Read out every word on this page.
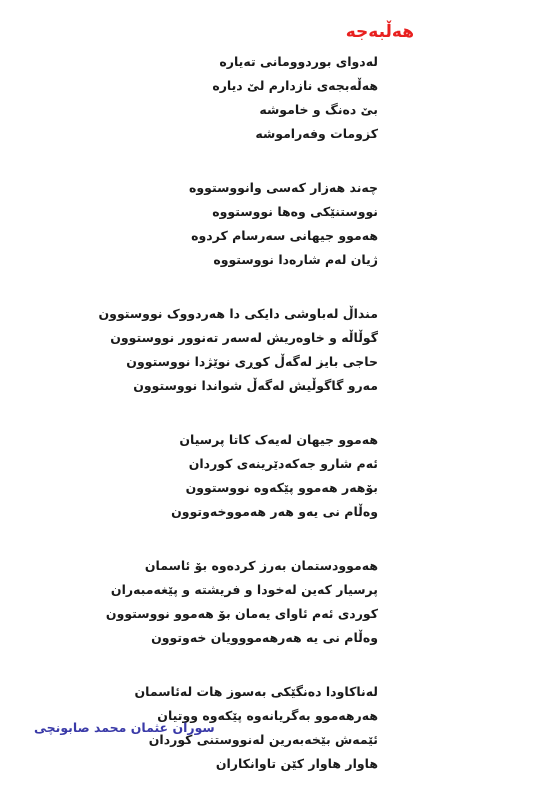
هەڵبەجە
لەدوای بوردوومانی تەیارە
هەڵەبجەی نازدارم لێ دیارە
بێ دەنگ و خاموشە
کزومات وفەراموشە
چەند هەزار کەسی وانووستووە
نووستنێکی وەها نووستووە
هەموو جیهانی سەرسام کردوە
ژیان لەم شارەدا نووستووە
منداڵ لەباوشی دایکی دا هەردووک نووستوون
گوڵاڵە و خاوەریش لەسەر تەنوور نووستوون
حاجی بایز لەگەڵ کوڕی نوێژدا نووستوون
مەرو گاگوڵیش لەگەڵ شواندا نووستوون
هەموو جیهان لەیەک کاتا پرسیان
ئەم شارو جەکەدێرینەی کوردان
بۆهەر هەموو پێکەوە نووستوون
وەڵام نی یەو هەر هەمووخەوتوون
هەموودستمان بەرز کردەوە بۆ ئاسمان
پرسیار کەین لەخودا و فریشتە و پێغەمبەران
کوردی ئەم ئاوای یەمان بۆ هەموو نووستوون
وەڵام نی یە هەرهەمووویان خەوتوون
لەناکاودا دەنگێکی بەسوز هات لەئاسمان
هەرهەموو بەگریانەوە پێکەوە ووتیان
ئێمەش بێخەبەرین لەنووستنی کوردان
هاوار هاوار کێن تاوانکاران
سوران عثمان محمد صابونچی
